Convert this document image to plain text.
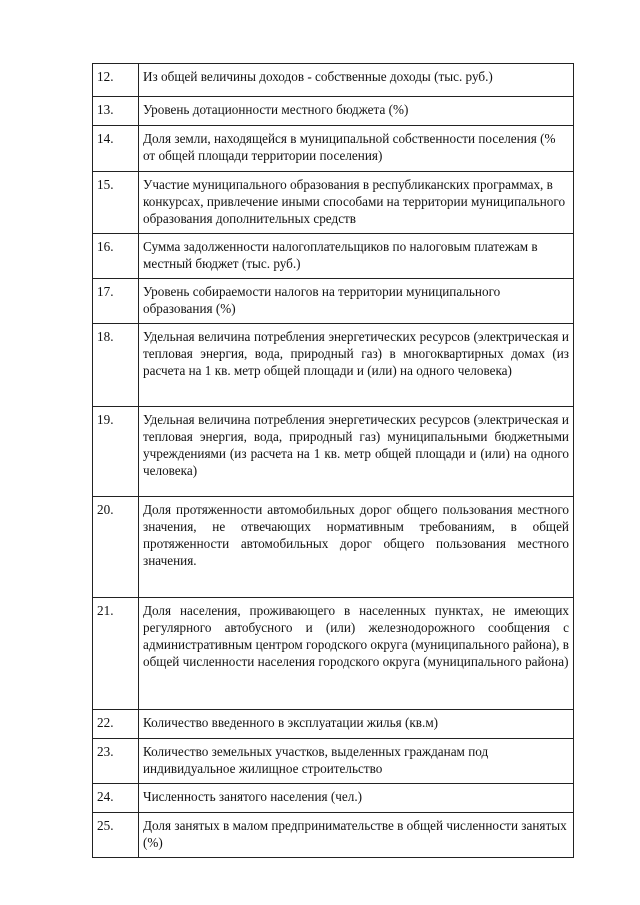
12.	Из общей величины доходов - собственные доходы (тыс. руб.)
13.	Уровень дотационности местного бюджета (%)
14.	Доля земли, находящейся в муниципальной собственности поселения (% от общей площади территории поселения)
15.	Участие муниципального образования в республиканских программах, в конкурсах, привлечение иными способами на территории муниципального образования дополнительных средств
16.	Сумма задолженности налогоплательщиков по налоговым платежам в местный бюджет (тыс. руб.)
17.	Уровень собираемости налогов на территории муниципального образования (%)
18.	Удельная величина потребления энергетических ресурсов (электрическая и тепловая энергия, вода, природный газ) в многоквартирных домах (из расчета на 1 кв. метр общей площади и (или) на одного человека)
19.	Удельная величина потребления энергетических ресурсов (электрическая и тепловая энергия, вода, природный газ) муниципальными бюджетными учреждениями (из расчета на 1 кв. метр общей площади и (или) на одного человека)
20.	Доля протяженности автомобильных дорог общего пользования местного значения, не отвечающих нормативным требованиям, в общей протяженности автомобильных дорог общего пользования местного значения.
21.	Доля населения, проживающего в населенных пунктах, не имеющих регулярного автобусного и (или) железнодорожного сообщения с административным центром городского округа (муниципального района), в общей численности населения городского округа (муниципального района)
22.	Количество введенного в эксплуатации жилья (кв.м)
23.	Количество земельных участков, выделенных гражданам под индивидуальное жилищное строительство
24.	Численность занятого населения (чел.)
25.	Доля занятых в малом предпринимательстве в общей численности занятых (%)
